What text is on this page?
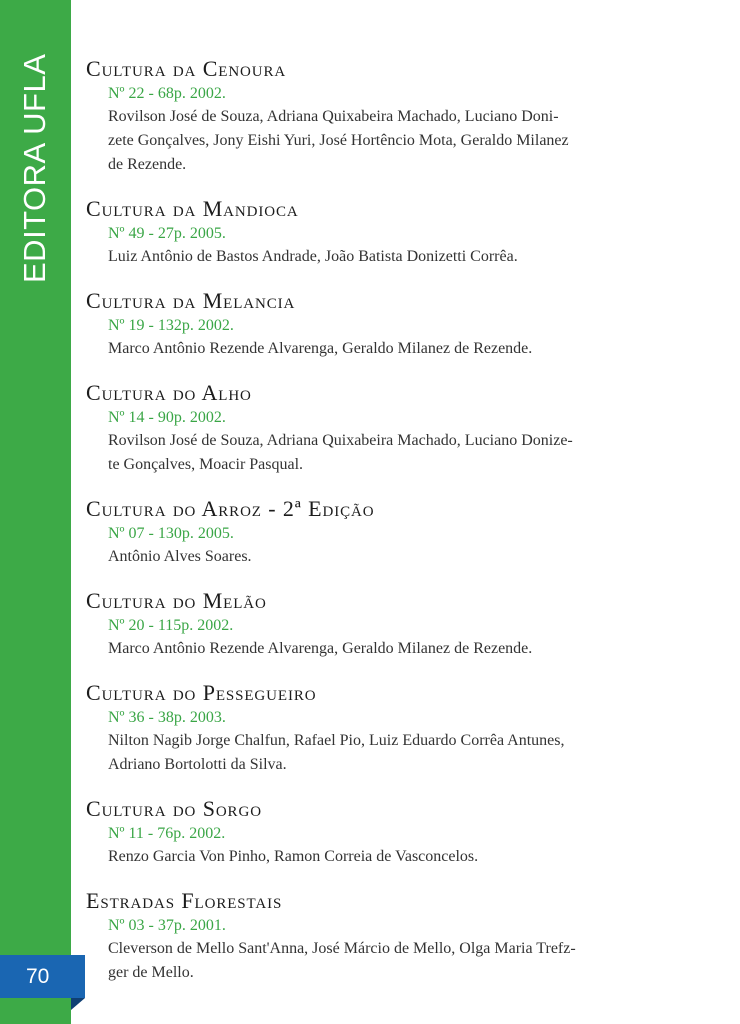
EDITORA UFLA
70
Cultura da Cenoura
Nº 22 - 68p. 2002.
Rovilson José de Souza, Adriana Quixabeira Machado, Luciano Doni-
zete Gonçalves, Jony Eishi Yuri, José Hortêncio Mota, Geraldo Milanez
de Rezende.
Cultura da Mandioca
Nº 49 - 27p. 2005.
Luiz Antônio de Bastos Andrade, João Batista Donizetti Corrêa.
Cultura da Melancia
Nº 19 - 132p. 2002.
Marco Antônio Rezende Alvarenga, Geraldo Milanez de Rezende.
Cultura do Alho
Nº 14 - 90p. 2002.
Rovilson José de Souza, Adriana Quixabeira Machado, Luciano Donize-
te Gonçalves, Moacir Pasqual.
Cultura do Arroz - 2ª Edição
Nº 07 - 130p. 2005.
Antônio Alves Soares.
Cultura do Melão
Nº 20 - 115p. 2002.
Marco Antônio Rezende Alvarenga, Geraldo Milanez de Rezende.
Cultura do Pessegueiro
Nº 36 - 38p. 2003.
Nilton Nagib Jorge Chalfun, Rafael Pio, Luiz Eduardo Corrêa Antunes,
Adriano Bortolotti da Silva.
Cultura do Sorgo
Nº 11 - 76p. 2002.
Renzo Garcia Von Pinho, Ramon Correia de Vasconcelos.
Estradas Florestais
Nº 03 - 37p. 2001.
Cleverson de Mello Sant'Anna, José Márcio de Mello, Olga Maria Trefz-
ger de Mello.
